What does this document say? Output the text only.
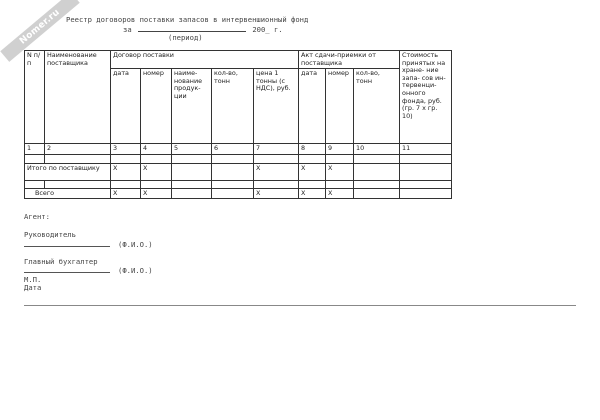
Nomer.ru Реестр договоров поставки запасов в интервеншионный фонд
за	200_ г.
(период)
N п/п	Наименование поставщика	Договор поставки					Акт сдачи-приемки от поставщика			Стоимость принятых на хране- ние запа- сов ин- тервенци- онного фонда, руб. (гр. 7 х гр. 10)
		дата	номер	наиме- нование продук- ции	кол-во, тонн	цена 1 тонны (с НДС), руб.	дата	номер	кол-во, тонн	
1	2	3	4	5	6	7	8	9	10	11

Итого по поставщику		X	X			X	X	X		

Всего		X	X			X	X	X		
Агент:
Руководитель
(Ф.И.О.)
Главный бухгалтер
(Ф.И.О.)
М.П.
Дата
